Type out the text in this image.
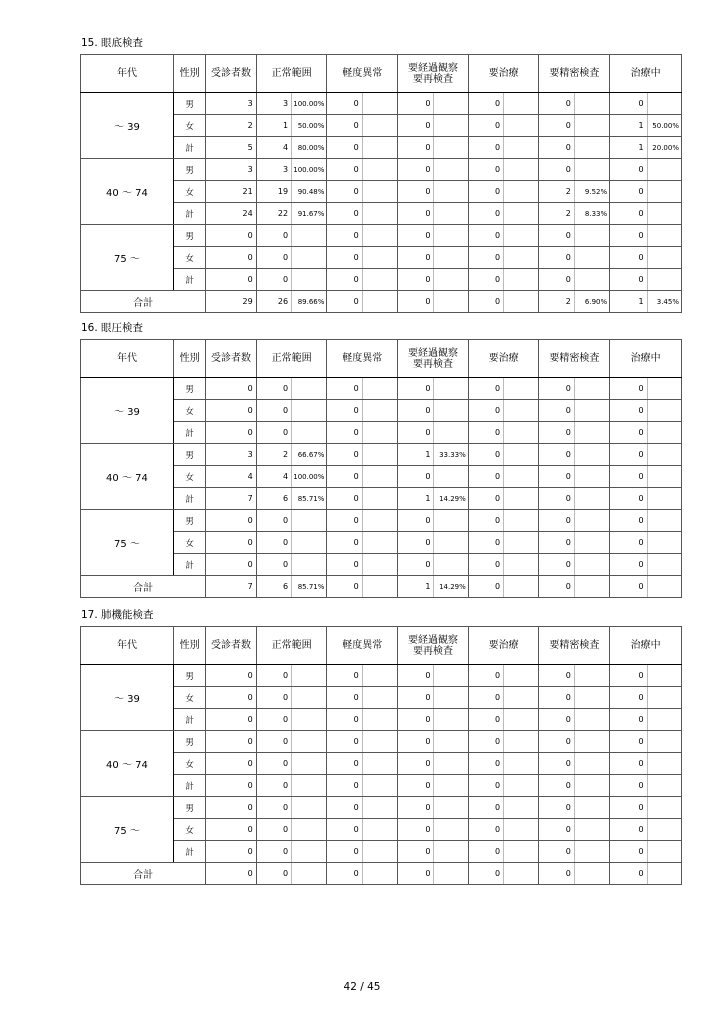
15. 眼底検査
年代	性別	受診者数	正常範囲		軽度異常		要経過観察
要再検査		要治療		要精密検査		治療中	
～ 39	男	3	3	100.00%	0		0		0		0		0	
	女	2	1	50.00%	0		0		0		0		1	50.00%
	計	5	4	80.00%	0		0		0		0		1	20.00%
40 ～ 74	男	3	3	100.00%	0		0		0		0		0	
	女	21	19	90.48%	0		0		0		2	9.52%	0	
	計	24	22	91.67%	0		0		0		2	8.33%	0	
75 ～	男	0	0		0		0		0		0		0	
	女	0	0		0		0		0		0		0	
	計	0	0		0		0		0		0		0	
合計		29	26	89.66%	0		0		0		2	6.90%	1	3.45%
16. 眼圧検査
年代	性別	受診者数	正常範囲		軽度異常		要経過観察
要再検査		要治療		要精密検査		治療中	
～ 39	男	0	0		0		0		0		0		0	
	女	0	0		0		0		0		0		0	
	計	0	0		0		0		0		0		0	
40 ～ 74	男	3	2	66.67%	0		1	33.33%	0		0		0	
	女	4	4	100.00%	0		0		0		0		0	
	計	7	6	85.71%	0		1	14.29%	0		0		0	
75 ～	男	0	0		0		0		0		0		0	
	女	0	0		0		0		0		0		0	
	計	0	0		0		0		0		0		0	
合計		7	6	85.71%	0		1	14.29%	0		0		0	
17. 肺機能検査
年代	性別	受診者数	正常範囲		軽度異常		要経過観察
要再検査		要治療		要精密検査		治療中	
～ 39	男	0	0		0		0		0		0		0	
	女	0	0		0		0		0		0		0	
	計	0	0		0		0		0		0		0	
40 ～ 74	男	0	0		0		0		0		0		0	
	女	0	0		0		0		0		0		0	
	計	0	0		0		0		0		0		0	
75 ～	男	0	0		0		0		0		0		0	
	女	0	0		0		0		0		0		0	
	計	0	0		0		0		0		0		0	
合計		0	0		0		0		0		0		0	
42 / 45
